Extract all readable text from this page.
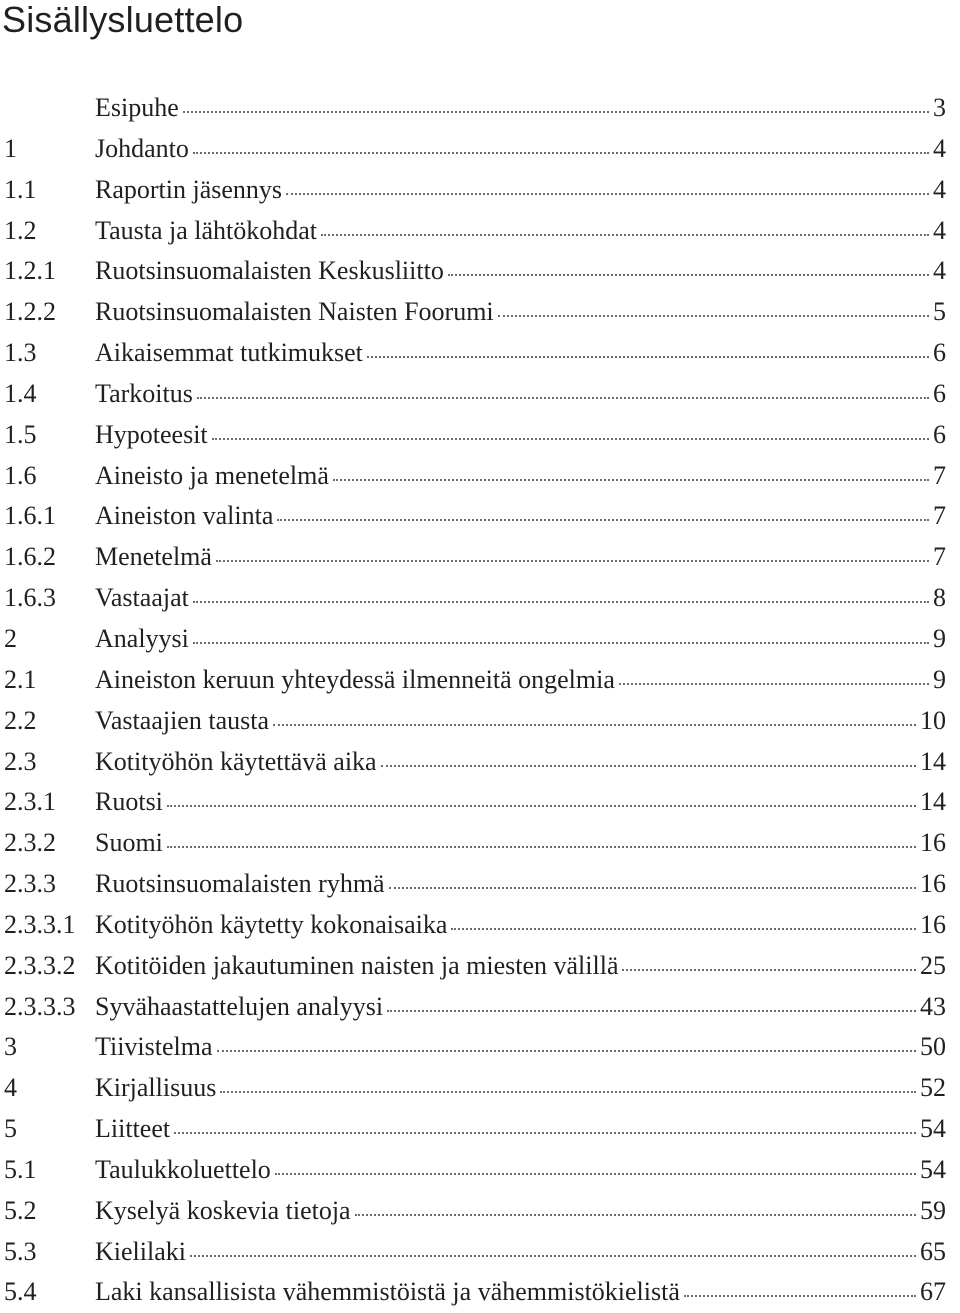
Sisällysluettelo
Esipuhe	3
1	Johdanto	4
1.1	Raportin jäsennys	4
1.2	Tausta ja lähtökohdat	4
1.2.1	Ruotsinsuomalaisten Keskusliitto	4
1.2.2	Ruotsinsuomalaisten Naisten Foorumi	5
1.3	Aikaisemmat tutkimukset	6
1.4	Tarkoitus	6
1.5	Hypoteesit	6
1.6	Aineisto ja menetelmä	7
1.6.1	Aineiston valinta	7
1.6.2	Menetelmä	7
1.6.3	Vastaajat	8
2	Analyysi	9
2.1	Aineiston keruun yhteydessä ilmenneitä ongelmia	9
2.2	Vastaajien tausta	10
2.3	Kotityöhön käytettävä aika	14
2.3.1	Ruotsi	14
2.3.2	Suomi	16
2.3.3	Ruotsinsuomalaisten ryhmä	16
2.3.3.1 Kotityöhön käytetty kokonaisaika	16
2.3.3.2 Kotitöiden jakautuminen naisten ja miesten välillä	25
2.3.3.3 Syvähaastattelujen analyysi	43
3	Tiivistelma	50
4	Kirjallisuus	52
5	Liitteet	54
5.1	Taulukkoluettelo	54
5.2	Kyselyä koskevia tietoja	59
5.3	Kielilaki	65
5.4	Laki kansallisista vähemmistöistä ja vähemmistökielistä	67
